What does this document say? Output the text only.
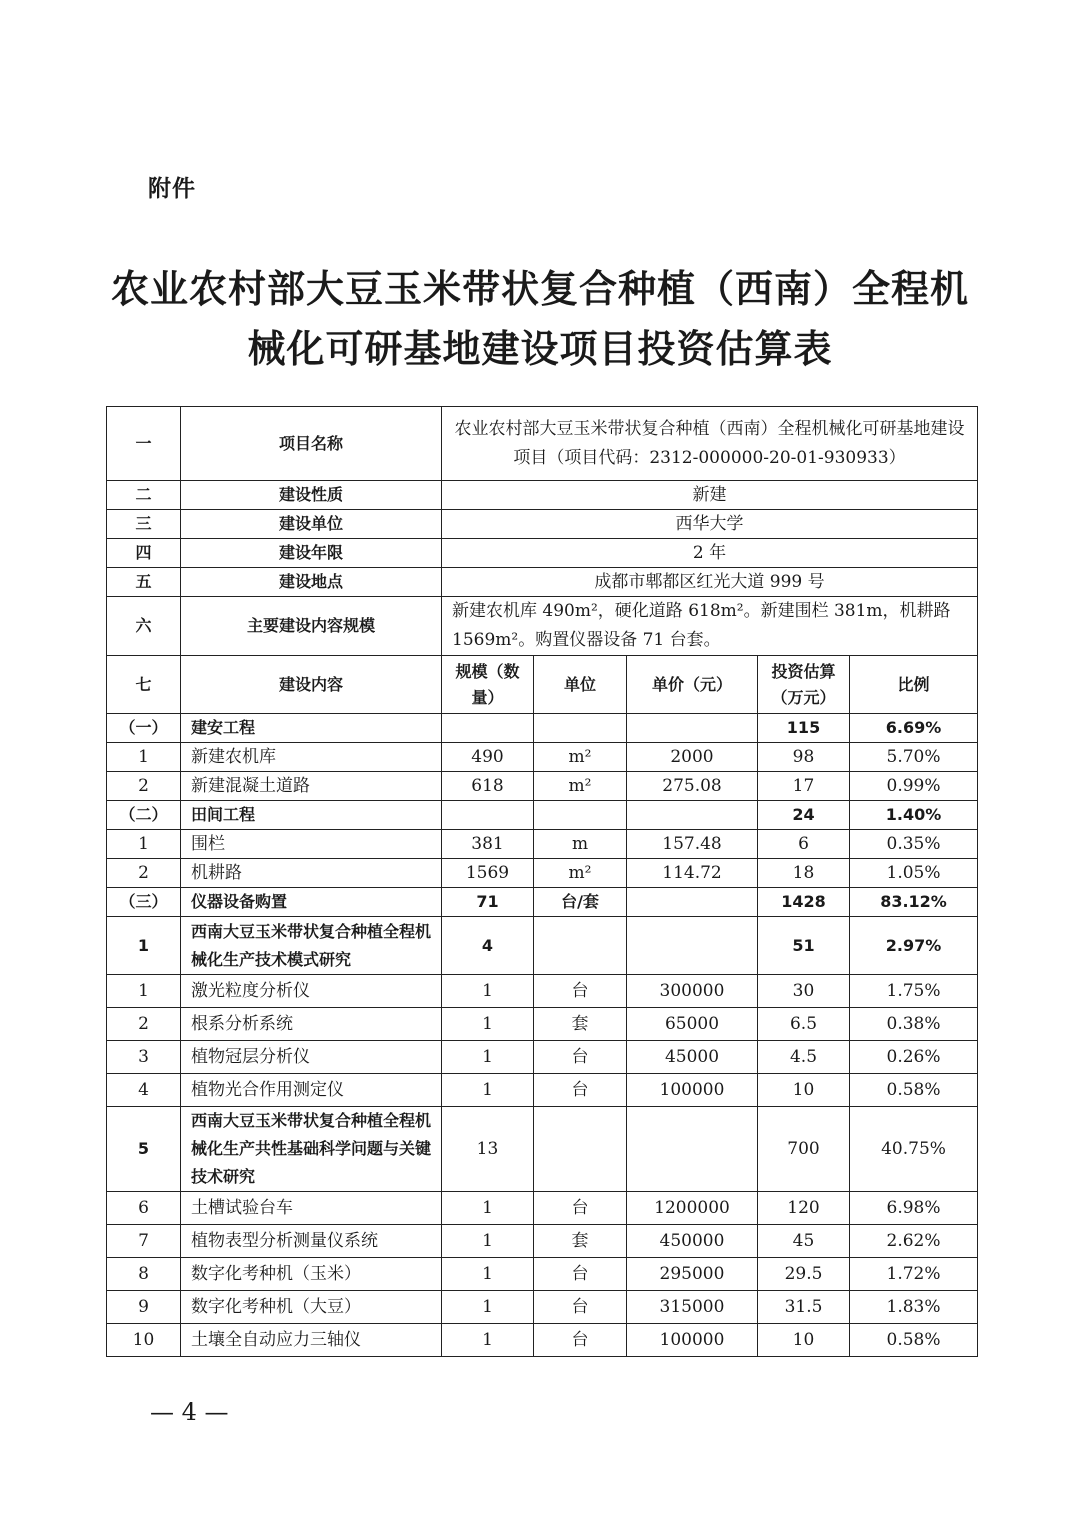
附件
农业农村部大豆玉米带状复合种植（西南）全程机
械化可研基地建设项目投资估算表
一	项目名称	农业农村部大豆玉米带状复合种植（西南）全程机械化可研基地建设项目（项目代码：2312-000000-20-01-930933）				
二	建设性质	新建				
三	建设单位	西华大学				
四	建设年限	2 年				
五	建设地点	成都市郫都区红光大道 999 号				
六	主要建设内容规模	新建农机库 490m²，硬化道路 618m²。新建围栏 381m，机耕路 1569m²。购置仪器设备 71 台套。				
七	建设内容	规模（数量）	单位	单价（元）	投资估算（万元）	比例
（一）	建安工程				115	6.69%
1	新建农机库	490	m²	2000	98	5.70%
2	新建混凝土道路	618	m²	275.08	17	0.99%
（二）	田间工程				24	1.40%
1	围栏	381	m	157.48	6	0.35%
2	机耕路	1569	m²	114.72	18	1.05%
（三）	仪器设备购置	71	台/套		1428	83.12%
1	西南大豆玉米带状复合种植全程机械化生产技术模式研究	4			51	2.97%
1	激光粒度分析仪	1	台	300000	30	1.75%
2	根系分析系统	1	套	65000	6.5	0.38%
3	植物冠层分析仪	1	台	45000	4.5	0.26%
4	植物光合作用测定仪	1	台	100000	10	0.58%
5	西南大豆玉米带状复合种植全程机械化生产共性基础科学问题与关键技术研究	13			700	40.75%
6	土槽试验台车	1	台	1200000	120	6.98%
7	植物表型分析测量仪系统	1	套	450000	45	2.62%
8	数字化考种机（玉米）	1	台	295000	29.5	1.72%
9	数字化考种机（大豆）	1	台	315000	31.5	1.83%
10	土壤全自动应力三轴仪	1	台	100000	10	0.58%
— 4 —
